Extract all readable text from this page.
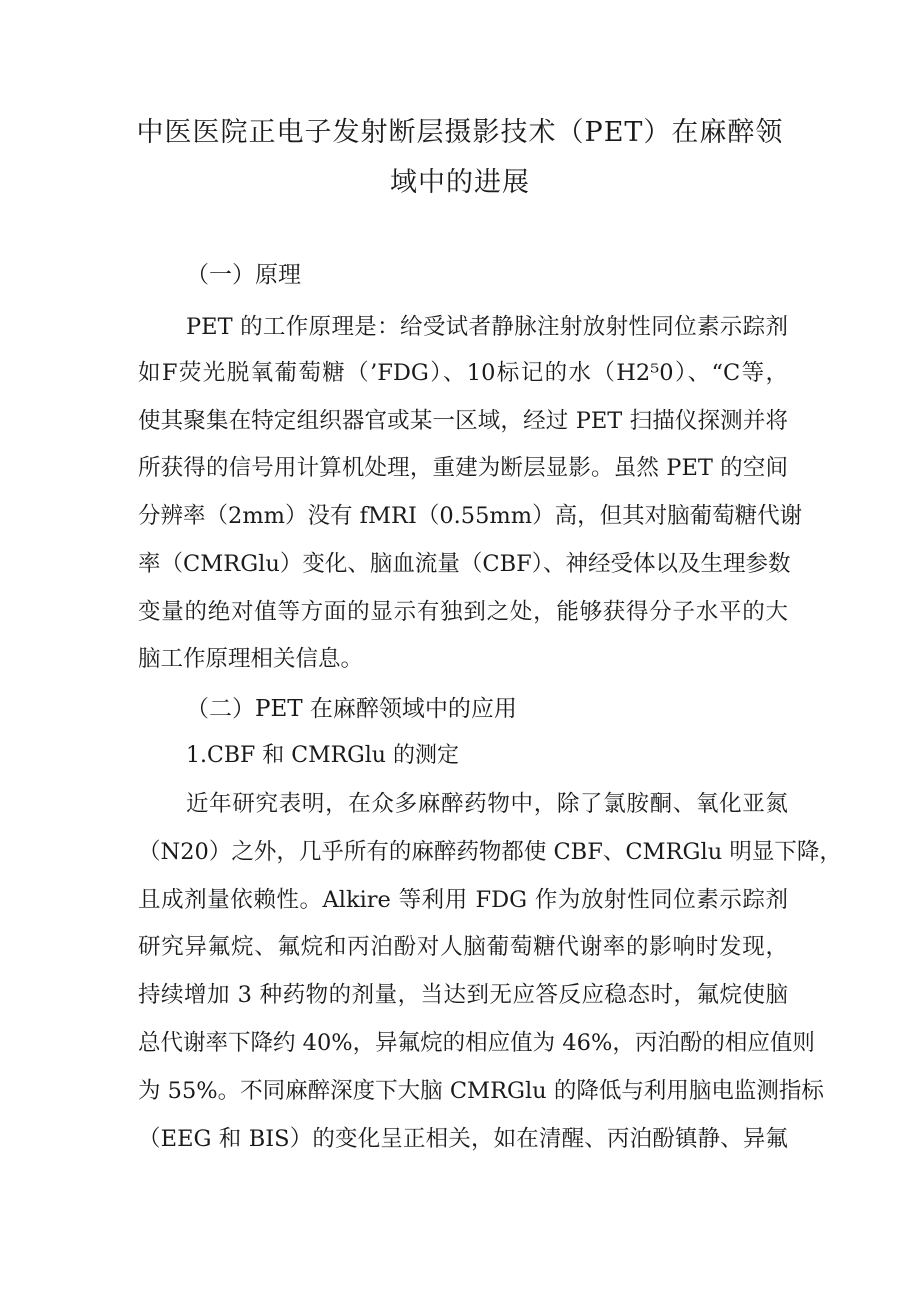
中医医院正电子发射断层摄影技术（PET）在麻醉领
域中的进展
（一）原理
PET 的工作原理是：给受试者静脉注射放射性同位素示踪剂
如F荧光脱氧葡萄糖（’FDG）、10标记的水（H2⁵0）、“C等，
使其聚集在特定组织器官或某一区域，经过 PET 扫描仪探测并将
所获得的信号用计算机处理，重建为断层显影。虽然 PET 的空间
分辨率（2mm）没有 fMRI（0.55mm）高，但其对脑葡萄糖代谢
率（CMRGlu）变化、脑血流量（CBF）、神经受体以及生理参数
变量的绝对值等方面的显示有独到之处，能够获得分子水平的大
脑工作原理相关信息。
（二）PET 在麻醉领域中的应用
1.CBF 和 CMRGlu 的测定
近年研究表明，在众多麻醉药物中，除了氯胺酮、氧化亚氮
（N20）之外，几乎所有的麻醉药物都使 CBF、CMRGlu 明显下降，
且成剂量依赖性。Alkire 等利用 FDG 作为放射性同位素示踪剂
研究异氟烷、氟烷和丙泊酚对人脑葡萄糖代谢率的影响时发现，
持续增加 3 种药物的剂量，当达到无应答反应稳态时，氟烷使脑
总代谢率下降约 40%，异氟烷的相应值为 46%，丙泊酚的相应值则
为 55%。不同麻醉深度下大脑 CMRGlu 的降低与利用脑电监测指标
（EEG 和 BIS）的变化呈正相关，如在清醒、丙泊酚镇静、异氟
